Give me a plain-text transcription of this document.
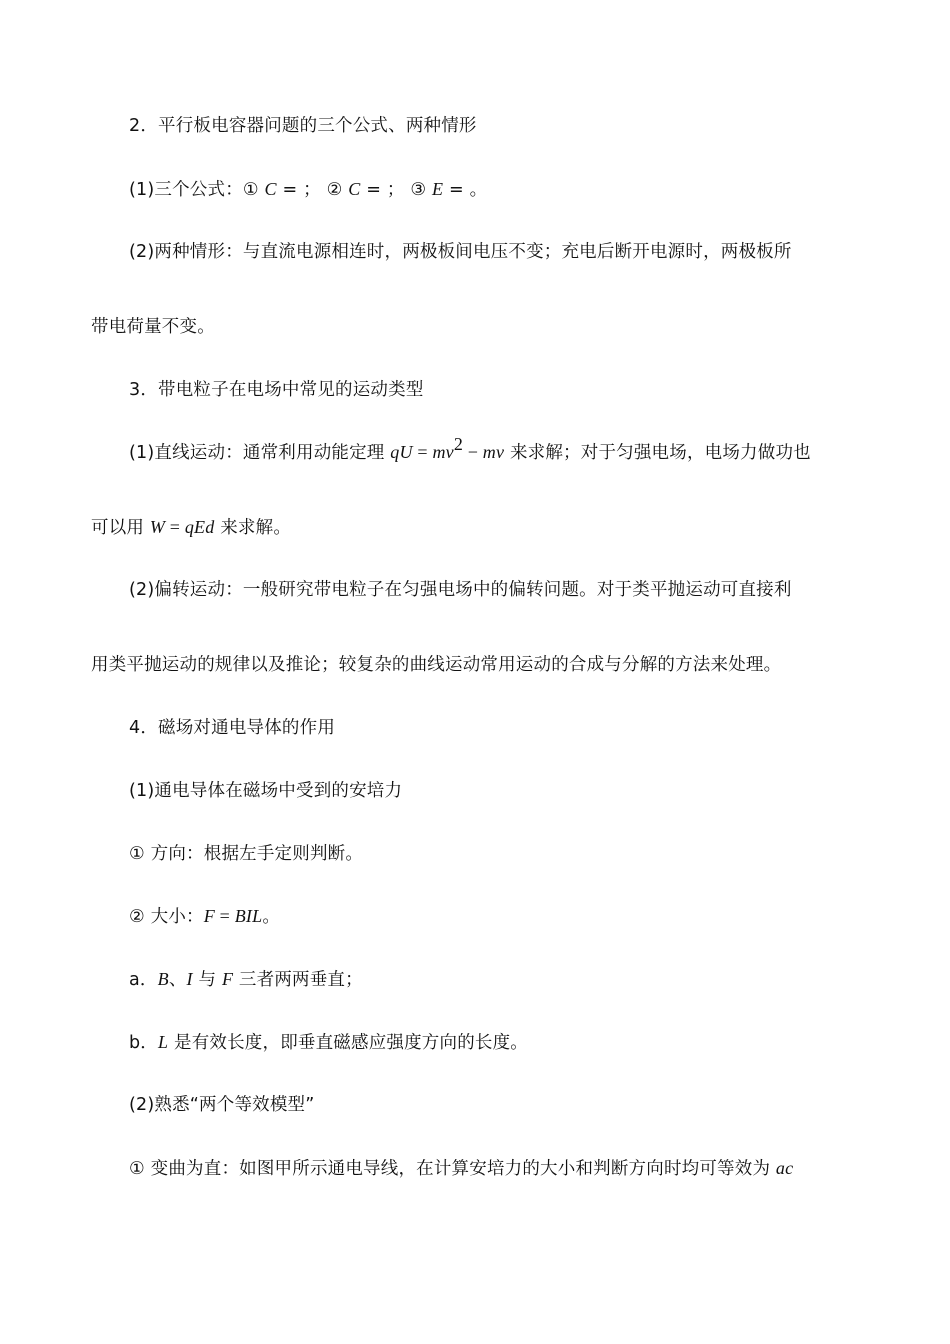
2．平行板电容器问题的三个公式、两种情形
(1)三个公式：① C = ； ② C = ； ③ E = 。
(2)两种情形：与直流电源相连时，两极板间电压不变；充电后断开电源时，两极板所
带电荷量不变。
3．带电粒子在电场中常见的运动类型
(1)直线运动：通常利用动能定理 qU = $mv^2$ − mv 来求解；对于匀强电场，电场力做功也
可以用 W = qEd 来求解。
(2)偏转运动：一般研究带电粒子在匀强电场中的偏转问题。对于类平抛运动可直接利
用类平抛运动的规律以及推论；较复杂的曲线运动常用运动的合成与分解的方法来处理。
4．磁场对通电导体的作用
(1)通电导体在磁场中受到的安培力
① 方向：根据左手定则判断。
② 大小：F = BIL。
a．B、I 与 F 三者两两垂直；
b．L 是有效长度，即垂直磁感应强度方向的长度。
(2)熟悉“两个等效模型”
① 变曲为直：如图甲所示通电导线，在计算安培力的大小和判断方向时均可等效为 ac
